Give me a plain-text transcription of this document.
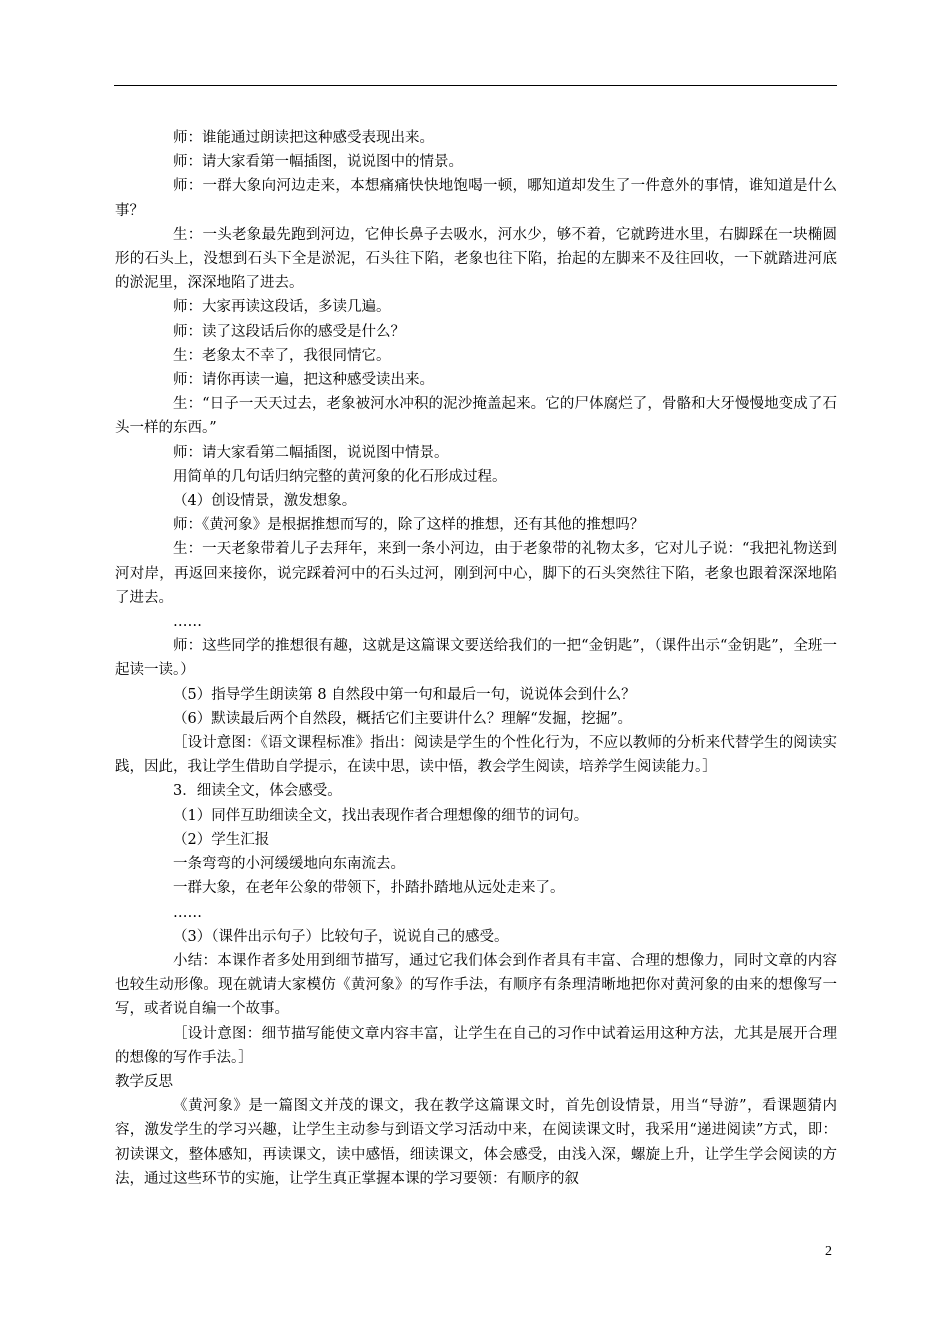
师：谁能通过朗读把这种感受表现出来。

师：请大家看第一幅插图，说说图中的情景。

师：一群大象向河边走来，本想痛痛快快地饱喝一顿，哪知道却发生了一件意外的事情，谁知道是什么事？

生：一头老象最先跑到河边，它伸长鼻子去吸水，河水少，够不着，它就跨进水里，右脚踩在一块椭圆形的石头上，没想到石头下全是淤泥，石头往下陷，老象也往下陷，抬起的左脚来不及往回收，一下就踏进河底的淤泥里，深深地陷了进去。

师：大家再读这段话，多读几遍。

师：读了这段话后你的感受是什么？

生：老象太不幸了，我很同情它。

师：请你再读一遍，把这种感受读出来。

生：“日子一天天过去，老象被河水冲积的泥沙掩盖起来。它的尸体腐烂了，骨骼和大牙慢慢地变成了石头一样的东西。”

师：请大家看第二幅插图，说说图中情景。

用简单的几句话归纳完整的黄河象的化石形成过程。

（4）创设情景，激发想象。

师：《黄河象》是根据推想而写的，除了这样的推想，还有其他的推想吗？

生：一天老象带着儿子去拜年，来到一条小河边，由于老象带的礼物太多，它对儿子说：“我把礼物送到河对岸，再返回来接你，说完踩着河中的石头过河，刚到河中心，脚下的石头突然往下陷，老象也跟着深深地陷了进去。

……

师：这些同学的推想很有趣，这就是这篇课文要送给我们的一把“金钥匙”，（课件出示“金钥匙”，全班一起读一读。）

（5）指导学生朗读第 8 自然段中第一句和最后一句，说说体会到什么？

（6）默读最后两个自然段，概括它们主要讲什么？理解“发掘，挖掘”。

［设计意图：《语文课程标准》指出：阅读是学生的个性化行为，不应以教师的分析来代替学生的阅读实践，因此，我让学生借助自学提示，在读中思，读中悟，教会学生阅读，培养学生阅读能力。］

3．细读全文，体会感受。

（1）同伴互助细读全文，找出表现作者合理想像的细节的词句。

（2）学生汇报

一条弯弯的小河缓缓地向东南流去。

一群大象，在老年公象的带领下，扑踏扑踏地从远处走来了。

……

（3）（课件出示句子）比较句子，说说自己的感受。

小结：本课作者多处用到细节描写，通过它我们体会到作者具有丰富、合理的想像力，同时文章的内容也较生动形像。现在就请大家模仿《黄河象》的写作手法，有顺序有条理清晰地把你对黄河象的由来的想像写一写，或者说自编一个故事。

［设计意图：细节描写能使文章内容丰富，让学生在自己的习作中试着运用这种方法，尤其是展开合理的想像的写作手法。］

教学反思

《黄河象》是一篇图文并茂的课文，我在教学这篇课文时，首先创设情景，用当“导游”，看课题猜内容，激发学生的学习兴趣，让学生主动参与到语文学习活动中来，在阅读课文时，我采用“递进阅读”方式，即：初读课文，整体感知，再读课文，读中感悟，细读课文，体会感受，由浅入深，螺旋上升，让学生学会阅读的方法，通过这些环节的实施，让学生真正掌握本课的学习要领：有顺序的叙

2
